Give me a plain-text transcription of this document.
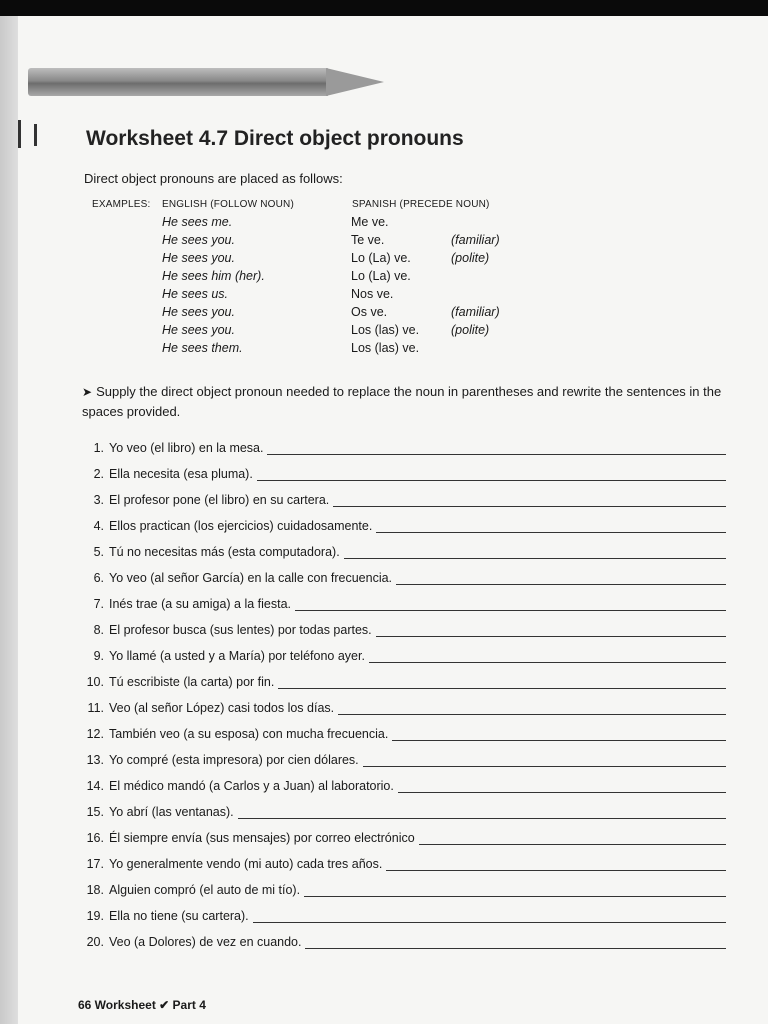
Worksheet 4.7 Direct object pronouns
Direct object pronouns are placed as follows:
EXAMPLES: ENGLISH (FOLLOW NOUN)	SPANISH (PRECEDE NOUN)
He sees me.	Me ve.
He sees you.	Te ve.	(familiar)
He sees you.	Lo (La) ve.	(polite)
He sees him (her).	Lo (La) ve.
He sees us.	Nos ve.
He sees you.	Os ve.	(familiar)
He sees you.	Los (las) ve.	(polite)
He sees them.	Los (las) ve.
➤ Supply the direct object pronoun needed to replace the noun in parentheses and rewrite the sentences in the spaces provided.
1. Yo veo (el libro) en la mesa.
2. Ella necesita (esa pluma).
3. El profesor pone (el libro) en su cartera.
4. Ellos practican (los ejercicios) cuidadosamente.
5. Tú no necesitas más (esta computadora).
6. Yo veo (al señor García) en la calle con frecuencia.
7. Inés trae (a su amiga) a la fiesta.
8. El profesor busca (sus lentes) por todas partes.
9. Yo llamé (a usted y a María) por teléfono ayer.
10. Tú escribiste (la carta) por fin.
11. Veo (al señor López) casi todos los días.
12. También veo (a su esposa) con mucha frecuencia.
13. Yo compré (esta impresora) por cien dólares.
14. El médico mandó (a Carlos y a Juan) al laboratorio.
15. Yo abrí (las ventanas).
16. Él siempre envía (sus mensajes) por correo electrónico
17. Yo generalmente vendo (mi auto) cada tres años.
18. Alguien compró (el auto de mi tío).
19. Ella no tiene (su cartera).
20. Veo (a Dolores) de vez en cuando.
66 Worksheet ✔ Part 4
